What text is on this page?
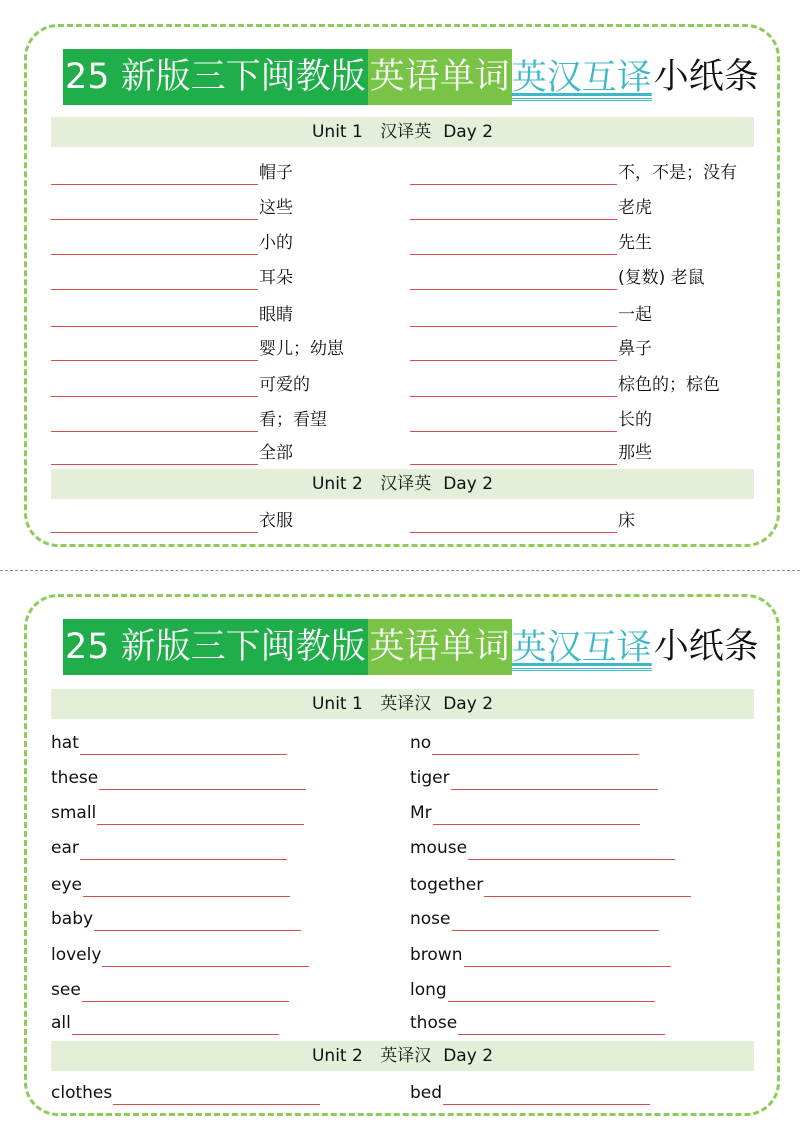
25 新版三下闽教版 英语单词 英汉互译 小纸条
Unit 1 汉译英 Day 2
帽子	不，不是；没有
这些	老虎
小的	先生
耳朵	(复数) 老鼠
眼睛	一起
婴儿；幼崽	鼻子
可爱的	棕色的；棕色
看；看望	长的
全部	那些
Unit 2 汉译英 Day 2
衣服	床
25 新版三下闽教版 英语单词 英汉互译 小纸条
Unit 1 英译汉 Day 2
hat	no
these	tiger
small	Mr
ear	mouse
eye	together
baby	nose
lovely	brown
see	long
all	those
Unit 2 英译汉 Day 2
clothes	bed
